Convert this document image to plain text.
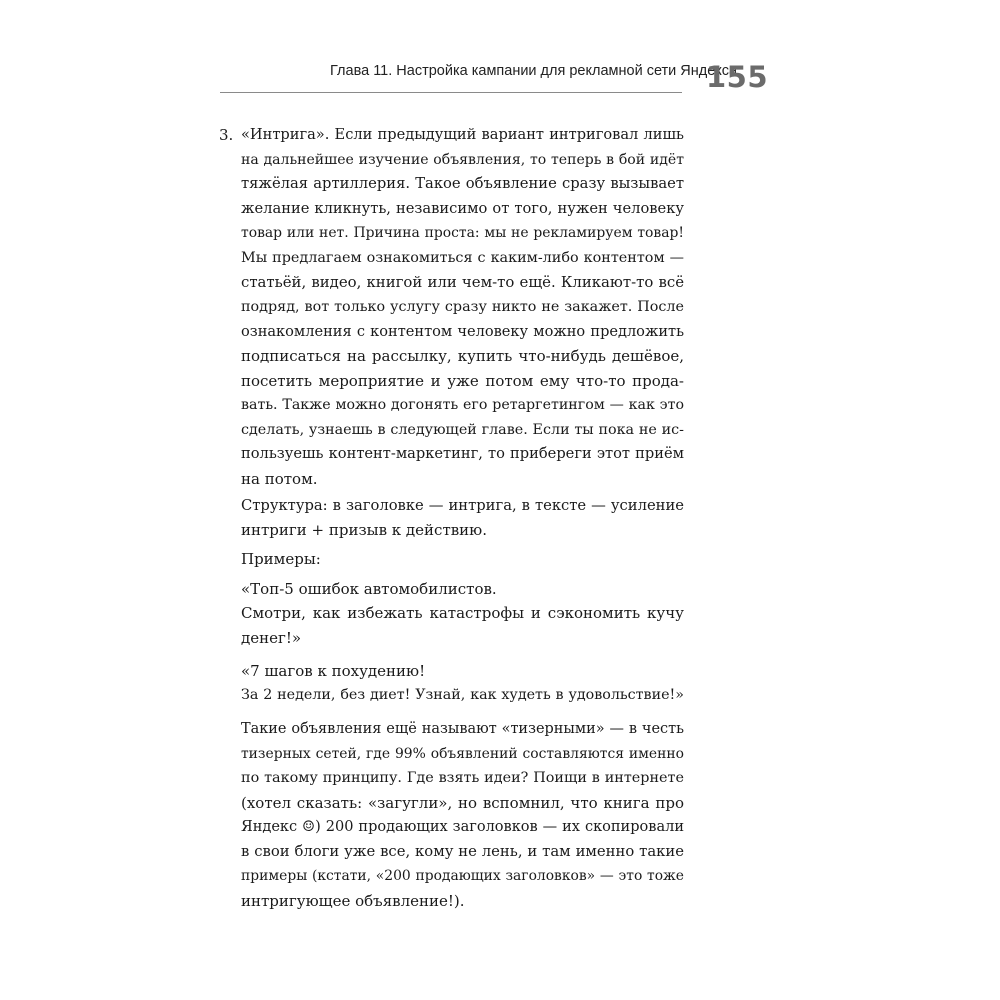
Глава 11. Настройка кампании для рекламной сети Яндекса
155
3. «Интрига». Если предыдущий вариант интриговал лишь
на дальнейшее изучение объявления, то теперь в бой идёт
тяжёлая артиллерия. Такое объявление сразу вызывает
желание кликнуть, независимо от того, нужен человеку
товар или нет. Причина проста: мы не рекламируем товар!
Мы предлагаем ознакомиться с каким-либо контентом —
статьёй, видео, книгой или чем-то ещё. Кликают-то всё
подряд, вот только услугу сразу никто не закажет. После
ознакомления с контентом человеку можно предложить
подписаться на рассылку, купить что-нибудь дешёвое,
посетить мероприятие и уже потом ему что-то прода-
вать. Также можно догонять его ретаргетингом — как это
сделать, узнаешь в следующей главе. Если ты пока не ис-
пользуешь контент-маркетинг, то прибереги этот приём
на потом.
Структура: в заголовке — интрига, в тексте — усиление
интриги + призыв к действию.
Примеры:
«Топ-5 ошибок автомобилистов.
Смотри, как избежать катастрофы и сэкономить кучу
денег!»
«7 шагов к похудению!
За 2 недели, без диет! Узнай, как худеть в удовольствие!»
Такие объявления ещё называют «тизерными» — в честь
тизерных сетей, где 99% объявлений составляются именно
по такому принципу. Где взять идеи? Поищи в интернете
(хотел сказать: «загугли», но вспомнил, что книга про
Яндекс ☺) 200 продающих заголовков — их скопировали
в свои блоги уже все, кому не лень, и там именно такие
примеры (кстати, «200 продающих заголовков» — это тоже
интригующее объявление!).
